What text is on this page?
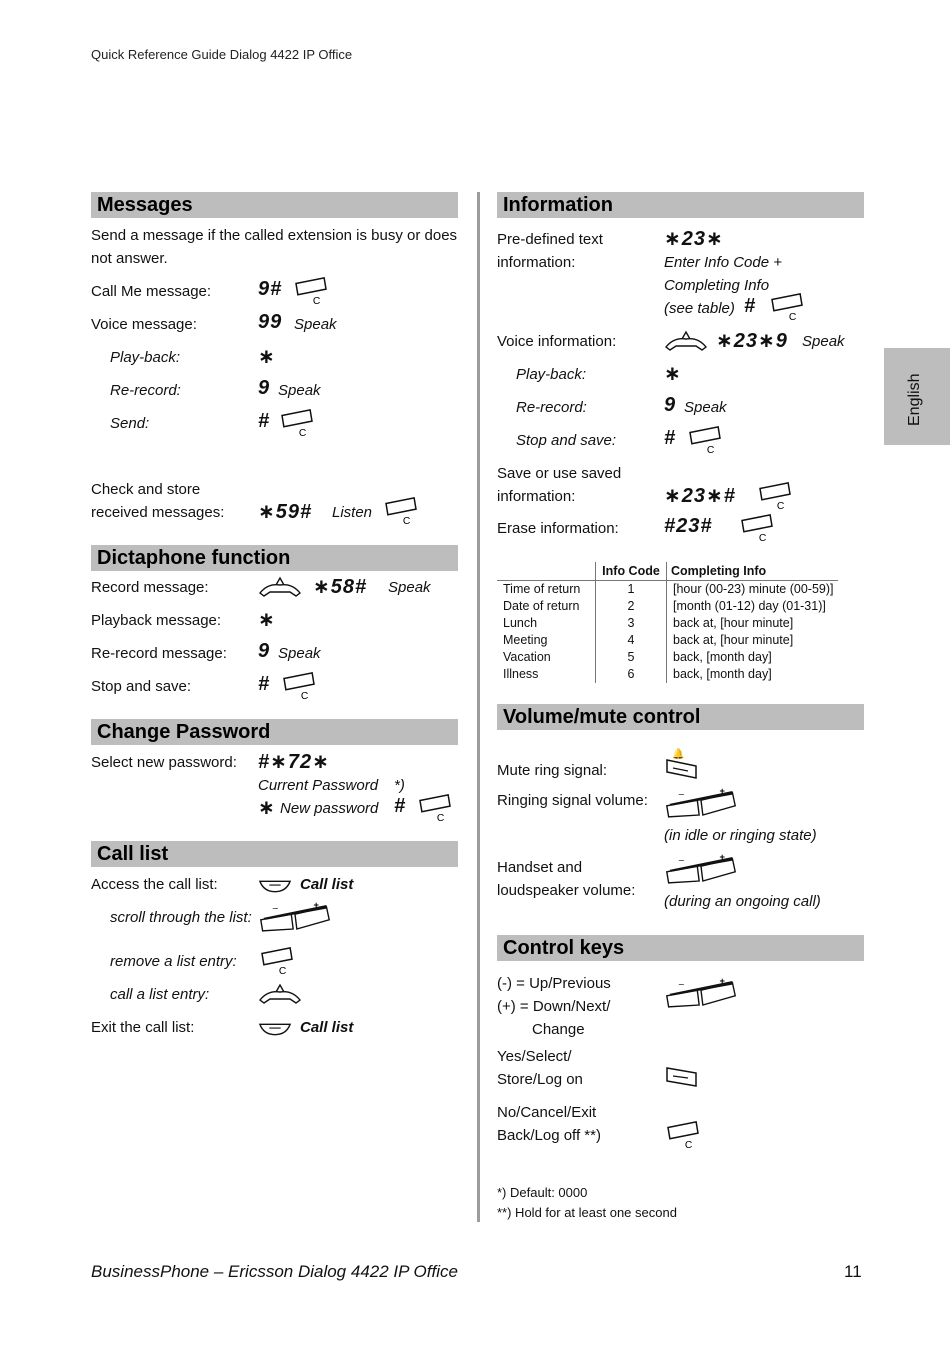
Quick Reference Guide Dialog 4422 IP Office
English
Messages
Send a message if the called extension is busy or does
not answer.
Call Me message: 9#
Voice message:	99 Speak
Play-back:	∗
Re-record:	9 Speak
Send:	#
Check and store
received messages: ∗59# Listen
Dictaphone function
Record message:	∗58# Speak
Playback message: ∗
Re-record message: 9 Speak
Stop and save:	#
Change Password
Select new password: #∗72∗
Current Password *)
∗ New password #
Call list
Access the call list:	Call list
scroll through the list:
remove a list entry:
call a list entry:
Exit the call list:	Call list
Information
Pre-defined text
information:
∗23∗
Enter Info Code +
Completing Info
(see table) #
Voice information:	∗23∗9 Speak
Play-back:	∗
Re-record:	9 Speak
Stop and save: #
Save or use saved
information:	∗23∗#
Erase information: #23#
	Info Code	Completing Info
Time of return	1	[hour (00-23) minute (00-59)]
Date of return	2	[month (01-12) day (01-31)]
Lunch	3	back at, [hour minute]
Meeting	4	back at, [hour minute]
Vacation	5	back, [month day]
Illness	6	back, [month day]
Volume/mute control
Mute ring signal:
🔔
Ringing signal volume:
(in idle or ringing state)
Handset and
loudspeaker volume:
(during an ongoing call)
Control keys
(-) = Up/Previous
(+) = Down/Next/
Change
Yes/Select/
Store/Log on
No/Cancel/Exit
Back/Log off **)
*) Default: 0000
**) Hold for at least one second
BusinessPhone – Ericsson Dialog 4422 IP Office	11
